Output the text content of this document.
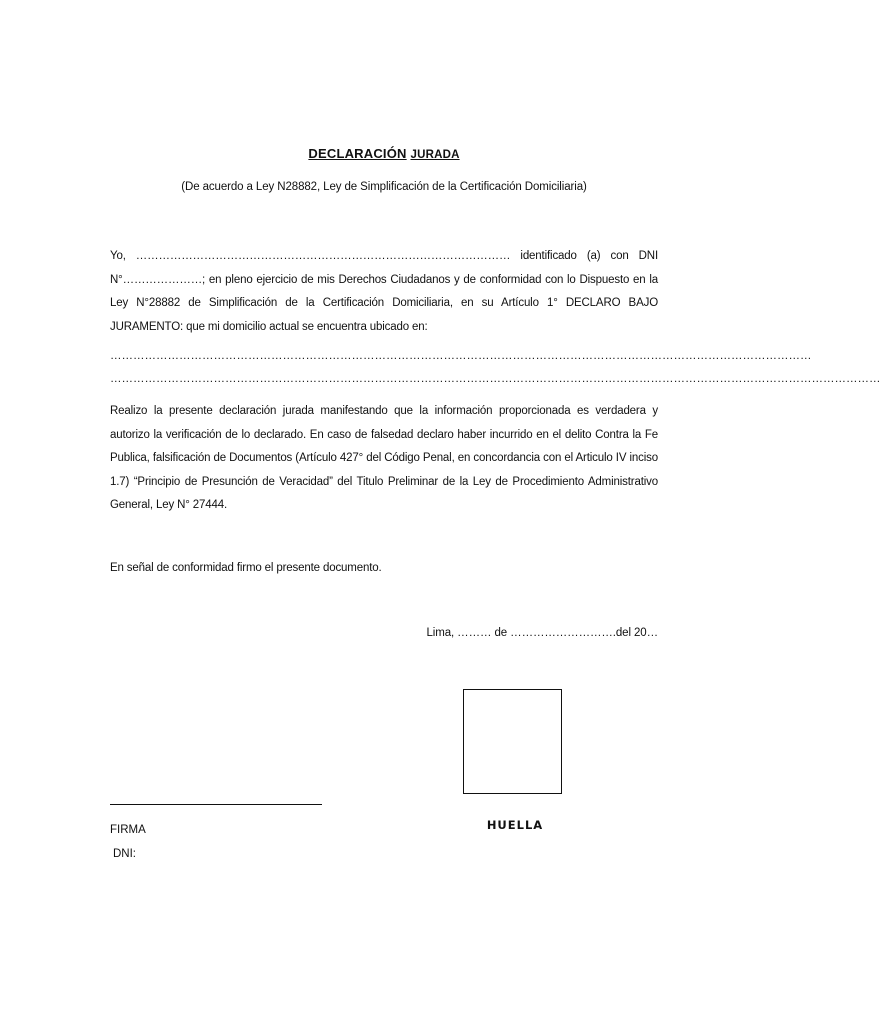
DECLARACIÓN JURADA
(De acuerdo a Ley N28882, Ley de Simplificación de la Certificación Domiciliaria)
Yo, ……………………………………………………………………………………… identificado (a) con DNI N°…………………; en pleno ejercicio de mis Derechos Ciudadanos y de conformidad con lo Dispuesto en la Ley N°28882 de Simplificación de la Certificación Domiciliaria, en su Artículo 1° DECLARO BAJO JURAMENTO: que mi domicilio actual se encuentra ubicado en:
…………………………………………………………………………………………………………………………………………………………………
…………………………………………………………………………………………………………………………………………………………………………………
Realizo la presente declaración jurada manifestando que la información proporcionada es verdadera y autorizo la verificación de lo declarado. En caso de falsedad declaro haber incurrido en el delito Contra la Fe Publica, falsificación de Documentos (Artículo 427° del Código Penal, en concordancia con el Articulo IV inciso 1.7) “Principio de Presunción de Veracidad” del Titulo Preliminar de la Ley de Procedimiento Administrativo General, Ley N° 27444.
En señal de conformidad firmo el presente documento.
Lima, ……… de ……………………….del 20…
HUELLA
FIRMA
DNI:
